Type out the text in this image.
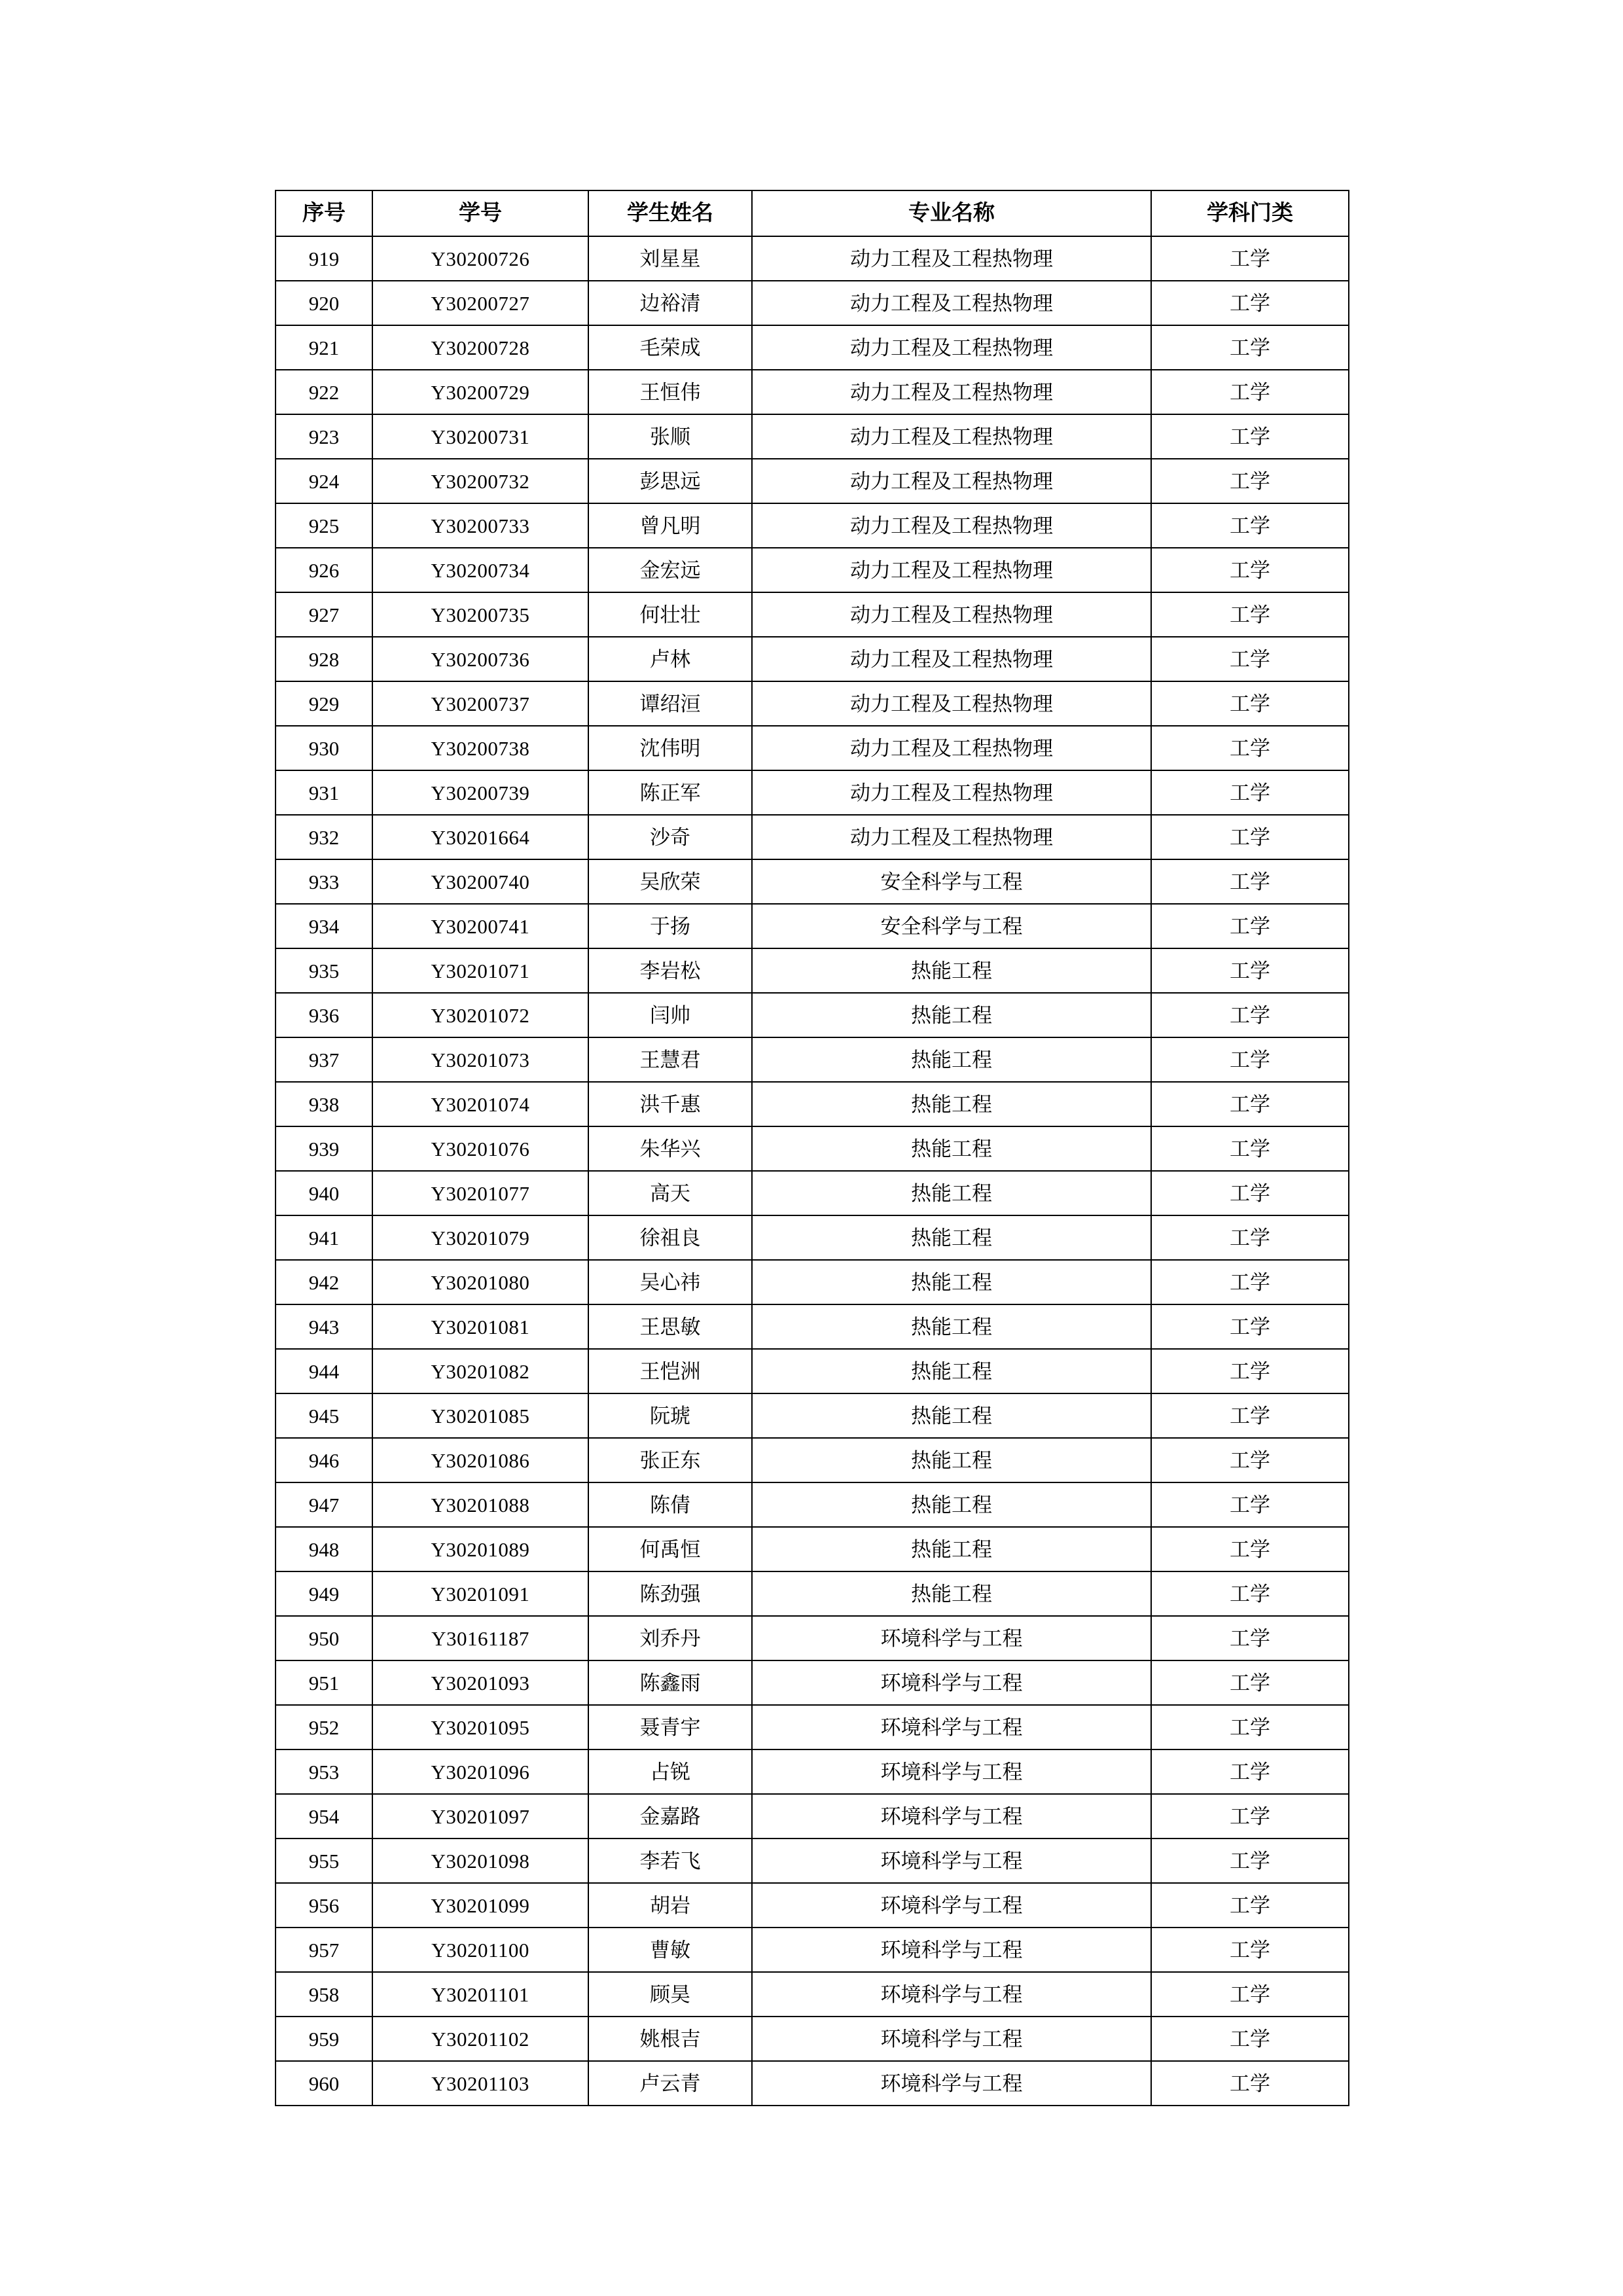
序号	学号	学生姓名	专业名称	学科门类
919	Y30200726	刘星星	动力工程及工程热物理	工学
920	Y30200727	边裕清	动力工程及工程热物理	工学
921	Y30200728	毛荣成	动力工程及工程热物理	工学
922	Y30200729	王恒伟	动力工程及工程热物理	工学
923	Y30200731	张顺	动力工程及工程热物理	工学
924	Y30200732	彭思远	动力工程及工程热物理	工学
925	Y30200733	曾凡明	动力工程及工程热物理	工学
926	Y30200734	金宏远	动力工程及工程热物理	工学
927	Y30200735	何壮壮	动力工程及工程热物理	工学
928	Y30200736	卢林	动力工程及工程热物理	工学
929	Y30200737	谭绍洹	动力工程及工程热物理	工学
930	Y30200738	沈伟明	动力工程及工程热物理	工学
931	Y30200739	陈正军	动力工程及工程热物理	工学
932	Y30201664	沙奇	动力工程及工程热物理	工学
933	Y30200740	吴欣荣	安全科学与工程	工学
934	Y30200741	于扬	安全科学与工程	工学
935	Y30201071	李岩松	热能工程	工学
936	Y30201072	闫帅	热能工程	工学
937	Y30201073	王慧君	热能工程	工学
938	Y30201074	洪千惠	热能工程	工学
939	Y30201076	朱华兴	热能工程	工学
940	Y30201077	高天	热能工程	工学
941	Y30201079	徐祖良	热能工程	工学
942	Y30201080	吴心祎	热能工程	工学
943	Y30201081	王思敏	热能工程	工学
944	Y30201082	王恺洲	热能工程	工学
945	Y30201085	阮琥	热能工程	工学
946	Y30201086	张正东	热能工程	工学
947	Y30201088	陈倩	热能工程	工学
948	Y30201089	何禹恒	热能工程	工学
949	Y30201091	陈劲强	热能工程	工学
950	Y30161187	刘乔丹	环境科学与工程	工学
951	Y30201093	陈鑫雨	环境科学与工程	工学
952	Y30201095	聂青宇	环境科学与工程	工学
953	Y30201096	占锐	环境科学与工程	工学
954	Y30201097	金嘉路	环境科学与工程	工学
955	Y30201098	李若飞	环境科学与工程	工学
956	Y30201099	胡岩	环境科学与工程	工学
957	Y30201100	曹敏	环境科学与工程	工学
958	Y30201101	顾昊	环境科学与工程	工学
959	Y30201102	姚根吉	环境科学与工程	工学
960	Y30201103	卢云青	环境科学与工程	工学
